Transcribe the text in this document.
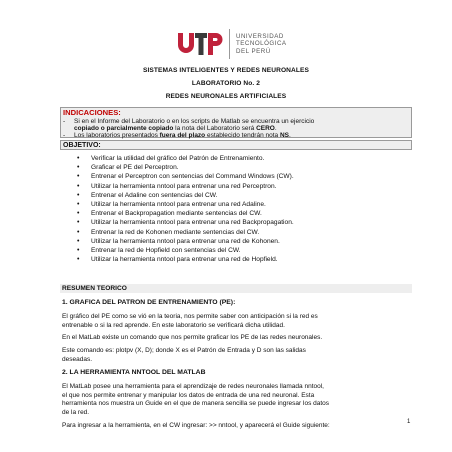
UNIVERSIDAD
TECNOLÓGICA
DEL PERÚ
SISTEMAS INTELIGENTES Y REDES NEURONALES
LABORATORIO No. 2
REDES NEURONALES ARTIFICIALES
INDICACIONES:
- Si en el Informe del Laboratorio o en los scripts de Matlab se encuentra un ejercicio
copiado o parcialmente copiado la nota del Laboratorio será CERO.
- Los laboratorios presentados fuera del plazo establecido tendrán nota NS.
OBJETIVO:
• Verificar la utilidad del gráfico del Patrón de Entrenamiento.
• Graficar el PE del Perceptron.
• Entrenar el Perceptron con sentencias del Command Windows (CW).
• Utilizar la herramienta nntool para entrenar una red Perceptron.
• Entrenar el Adaline con sentencias del CW.
• Utilizar la herramienta nntool para entrenar una red Adaline.
• Entrenar el Backpropagation mediante sentencias del CW.
• Utilizar la herramienta nntool para entrenar una red Backpropagation.
• Entrenar la red de Kohonen mediante sentencias del CW.
• Utilizar la herramienta nntool para entrenar una red de Kohonen.
• Entrenar la red de Hopfield con sentencias del CW.
• Utilizar la herramienta nntool para entrenar una red de Hopfield.
RESUMEN TEORICO
1. GRAFICA DEL PATRON DE ENTRENAMIENTO (PE):
El gráfico del PE como se vió en la teoria, nos permite saber con anticipación si la red es
entrenable o si la red aprende. En este laboratorio se verificará dicha utilidad.
En el MatLab existe un comando que nos permite graficar los PE de las redes neuronales.
Este comando es: plotpv (X, D); donde X es el Patrón de Entrada y D son las salidas
deseadas.
2. LA HERRAMIENTA NNTOOL DEL MATLAB
El MatLab posee una herramienta para el aprendizaje de redes neuronales llamada nntool,
el que nos permite entrenar y manipular los datos de entrada de una red neuronal. Esta
herramienta nos muestra un Guide en el que de manera sencilla se puede ingresar los datos
de la red.
Para ingresar a la herramienta, en el CW ingresar: >> nntool, y aparecerá el Guide siguiente:	1
